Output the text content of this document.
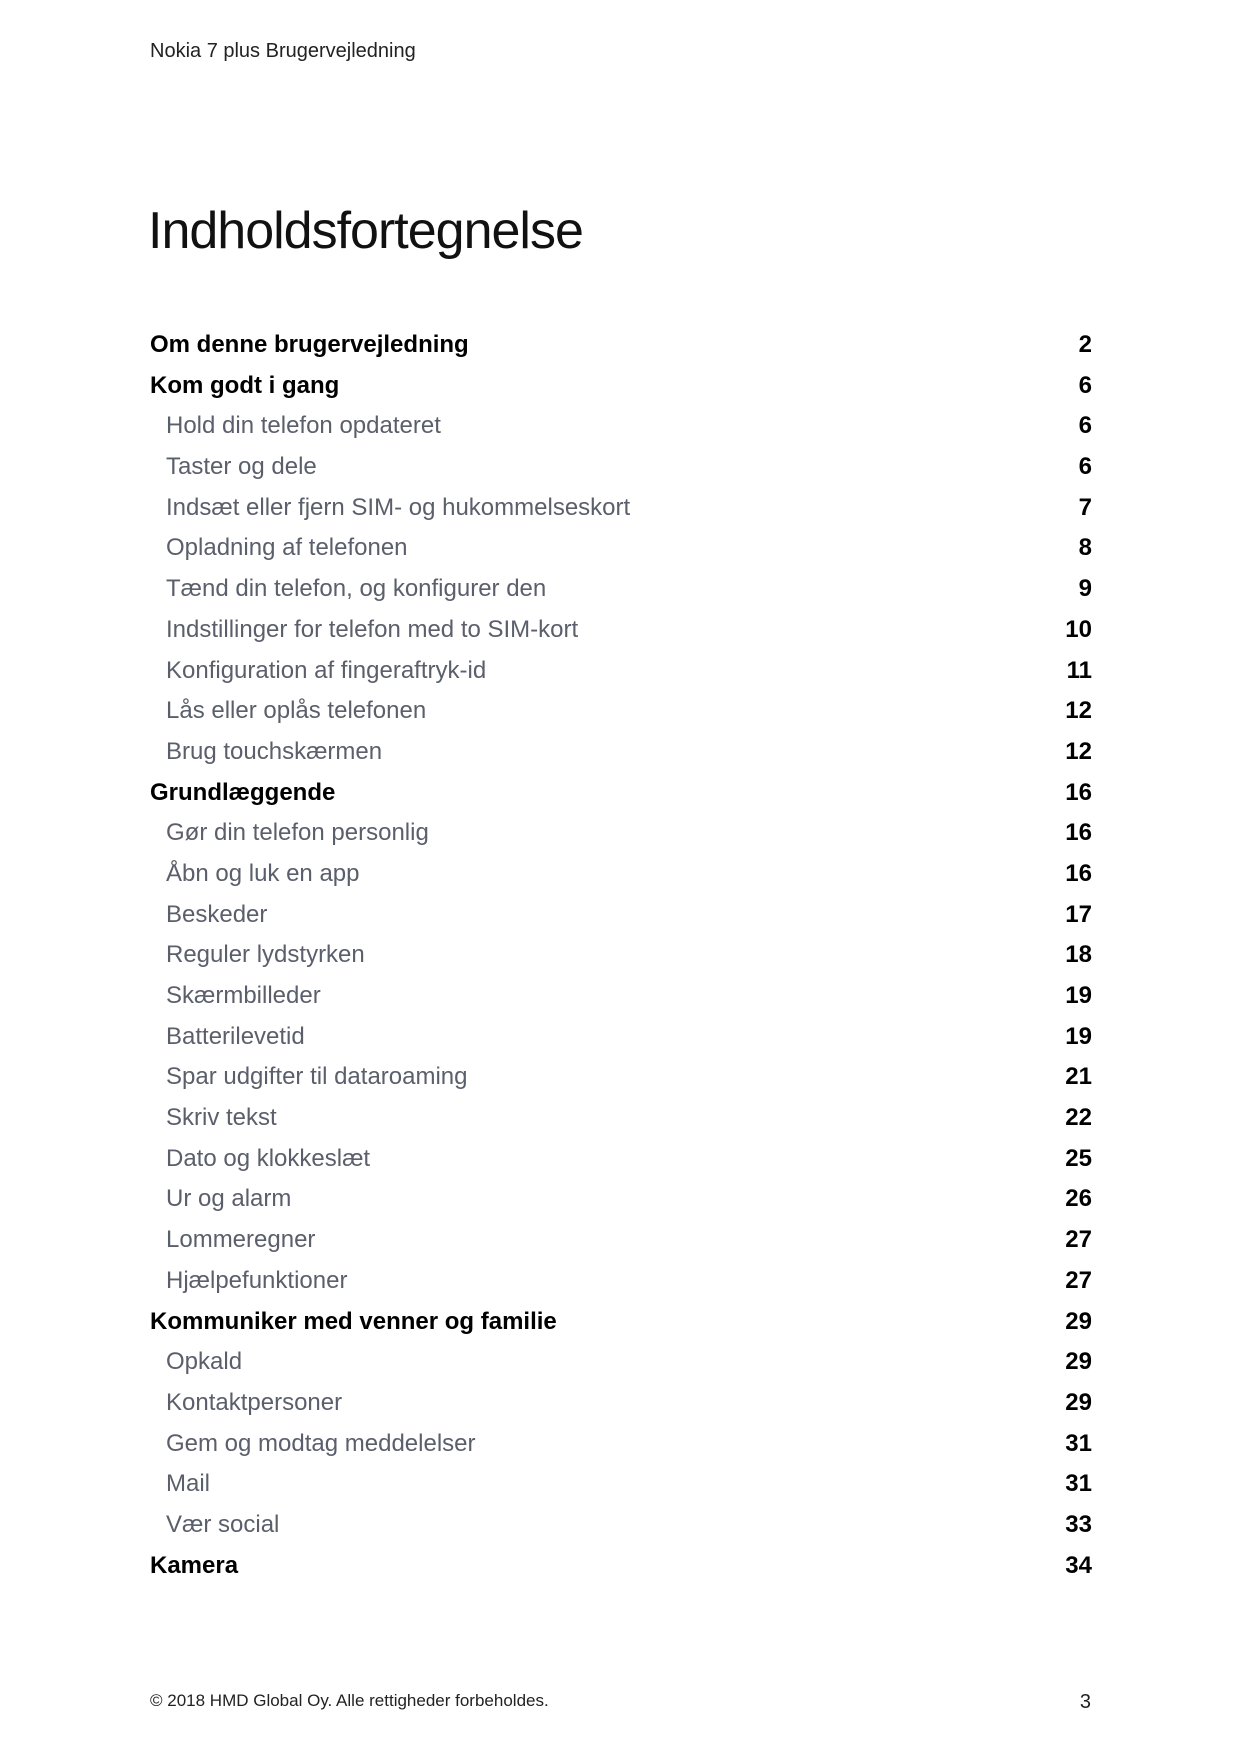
Nokia 7 plus Brugervejledning
Indholdsfortegnelse
Om denne brugervejledning	2
Kom godt i gang	6
Hold din telefon opdateret	6
Taster og dele	6
Indsæt eller fjern SIM- og hukommelseskort	7
Opladning af telefonen	8
Tænd din telefon, og konfigurer den	9
Indstillinger for telefon med to SIM-kort	10
Konfiguration af fingeraftryk-id	11
Lås eller oplås telefonen	12
Brug touchskærmen	12
Grundlæggende	16
Gør din telefon personlig	16
Åbn og luk en app	16
Beskeder	17
Reguler lydstyrken	18
Skærmbilleder	19
Batterilevetid	19
Spar udgifter til dataroaming	21
Skriv tekst	22
Dato og klokkeslæt	25
Ur og alarm	26
Lommeregner	27
Hjælpefunktioner	27
Kommuniker med venner og familie	29
Opkald	29
Kontaktpersoner	29
Gem og modtag meddelelser	31
Mail	31
Vær social	33
Kamera	34
© 2018 HMD Global Oy. Alle rettigheder forbeholdes.	3
